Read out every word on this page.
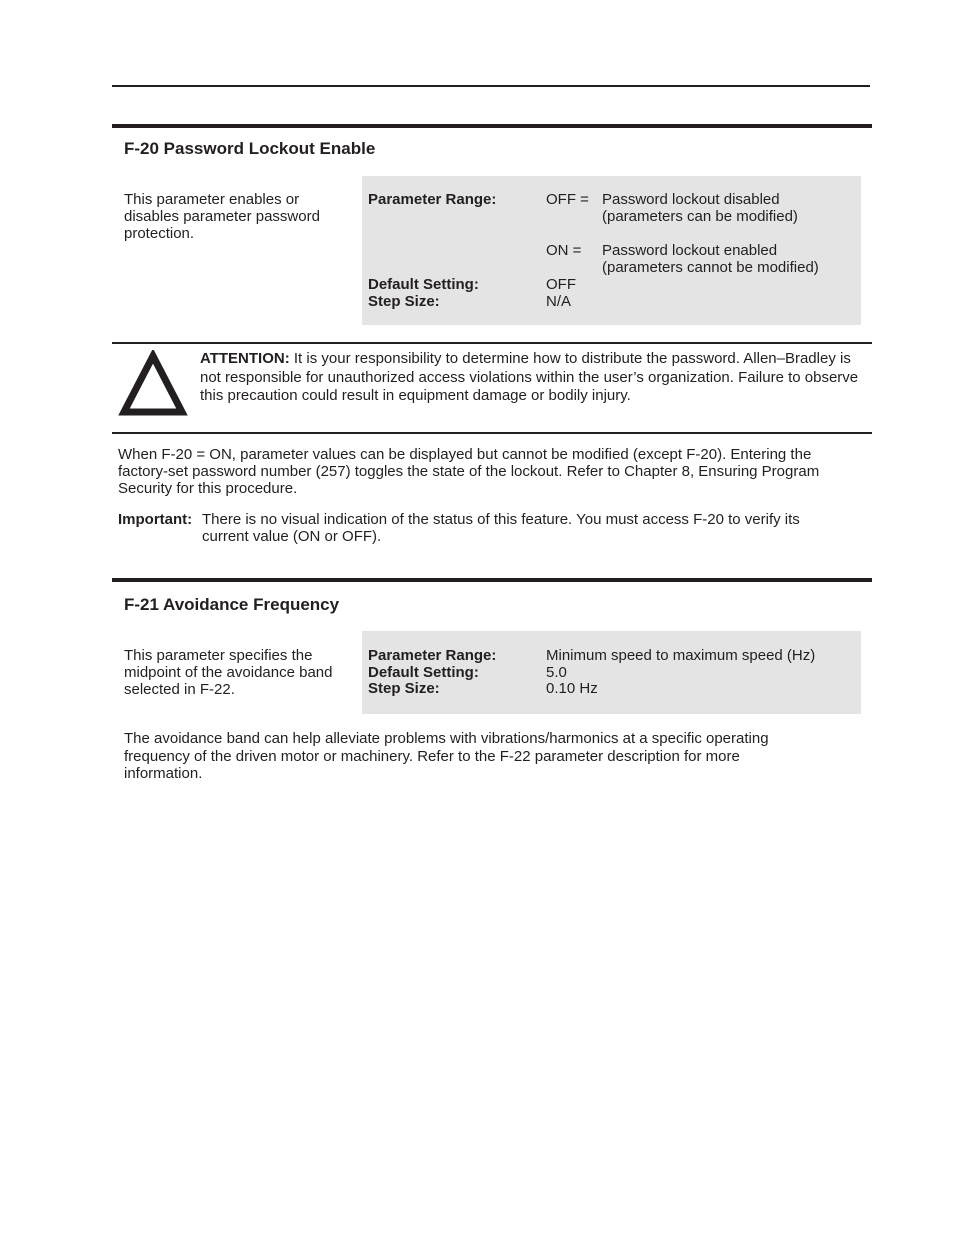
F-20 Password Lockout Enable
This parameter enables or disables parameter password protection.
Parameter Range:	OFF = Password lockout disabled
(parameters can be modified)
ON = Password lockout enabled
(parameters cannot be modified)
Default Setting:	OFF
Step Size:	N/A
ATTENTION: It is your responsibility to determine how to distribute the password. Allen–Bradley is not responsible for unauthorized access violations within the user’s organization. Failure to observe this precaution could result in equipment damage or bodily injury.
When F-20 = ON, parameter values can be displayed but cannot be modified (except F-20). Entering the factory-set password number (257) toggles the state of the lockout. Refer to Chapter 8, Ensuring Program Security for this procedure.
Important: There is no visual indication of the status of this feature. You must access F-20 to verify its current value (ON or OFF).
F-21 Avoidance Frequency
This parameter specifies the midpoint of the avoidance band selected in F-22.
Parameter Range:	Minimum speed to maximum speed (Hz)
Default Setting:	5.0
Step Size:	0.10 Hz
The avoidance band can help alleviate problems with vibrations/harmonics at a specific operating frequency of the driven motor or machinery. Refer to the F-22 parameter description for more information.
